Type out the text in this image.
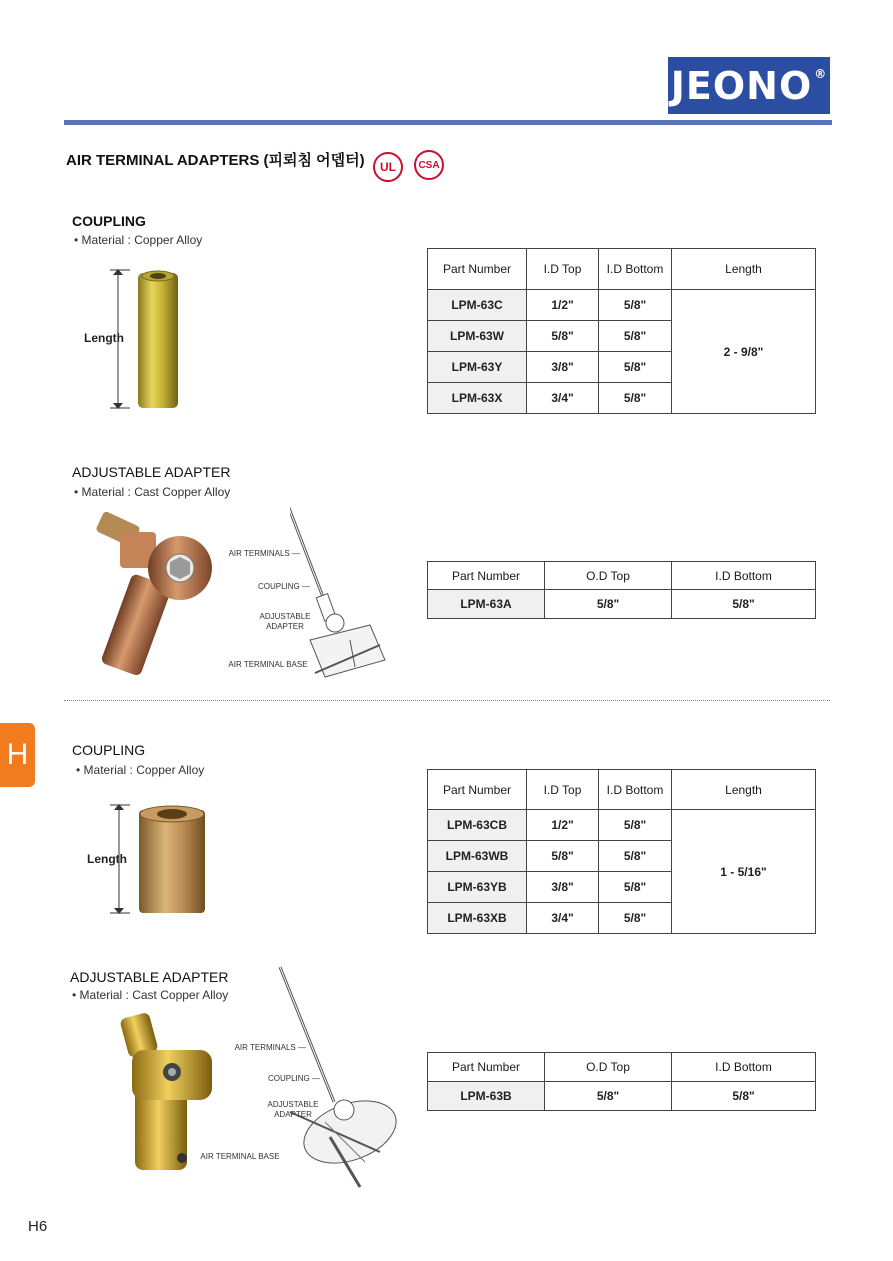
JEONO®
AIR TERMINAL ADAPTERS (피뢰침 어뎁터) UL CSA
COUPLING
• Material : Copper Alloy
Length
Part Number	I.D Top	I.D Bottom	Length
LPM-63C	1/2"	5/8"	2 - 9/8"
LPM-63W	5/8"	5/8"	
LPM-63Y	3/8"	5/8"	
LPM-63X	3/4"	5/8"	
ADJUSTABLE ADAPTER
• Material : Cast Copper Alloy
AIR TERMINALS —
COUPLING —
ADJUSTABLE ADAPTER
AIR TERMINAL BASE
Part Number	O.D Top	I.D Bottom
LPM-63A	5/8"	5/8"
H	COUPLING
• Material : Copper Alloy
Length
Part Number	I.D Top	I.D Bottom	Length
LPM-63CB	1/2"	5/8"	1 - 5/16"
LPM-63WB	5/8"	5/8"	
LPM-63YB	3/8"	5/8"	
LPM-63XB	3/4"	5/8"	
ADJUSTABLE ADAPTER
• Material : Cast Copper Alloy
AIR TERMINALS —
COUPLING —
ADJUSTABLE ADAPTER
AIR TERMINAL BASE
Part Number	O.D Top	I.D Bottom
LPM-63B	5/8"	5/8"
H6
